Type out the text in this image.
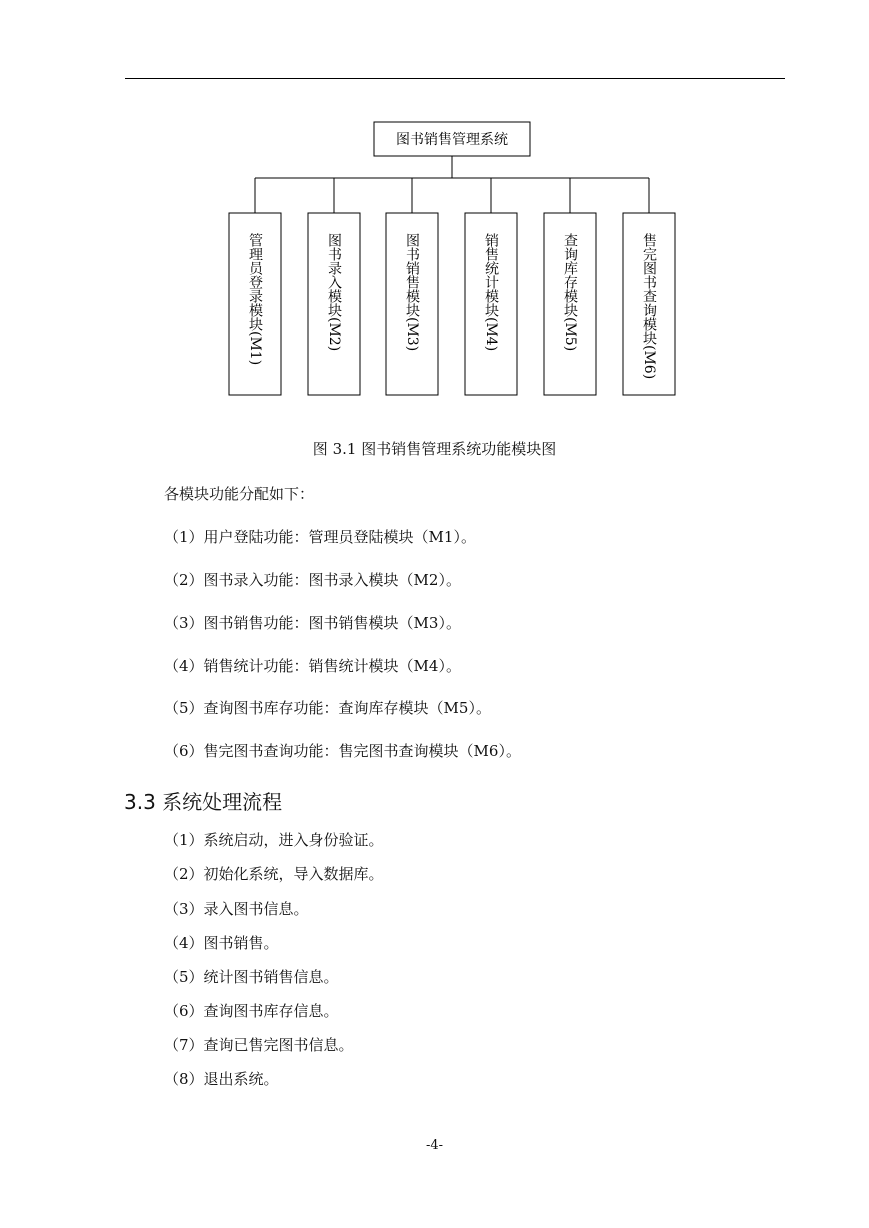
图书销售管理系统
管理员登录模块(M1)	图书录入模块(M2)	图书销售模块(M3)	销售统计模块(M4)	查询库存模块(M5)	售完图书查询模块(M6)
图 3.1 图书销售管理系统功能模块图
各模块功能分配如下：
（1）用户登陆功能：管理员登陆模块（M1）。
（2）图书录入功能：图书录入模块（M2）。
（3）图书销售功能：图书销售模块（M3）。
（4）销售统计功能：销售统计模块（M4）。
（5）查询图书库存功能：查询库存模块（M5）。
（6）售完图书查询功能：售完图书查询模块（M6）。
3.3 系统处理流程
（1）系统启动，进入身份验证。
（2）初始化系统，导入数据库。
（3）录入图书信息。
（4）图书销售。
（5）统计图书销售信息。
（6）查询图书库存信息。
（7）查询已售完图书信息。
（8）退出系统。
-4-
